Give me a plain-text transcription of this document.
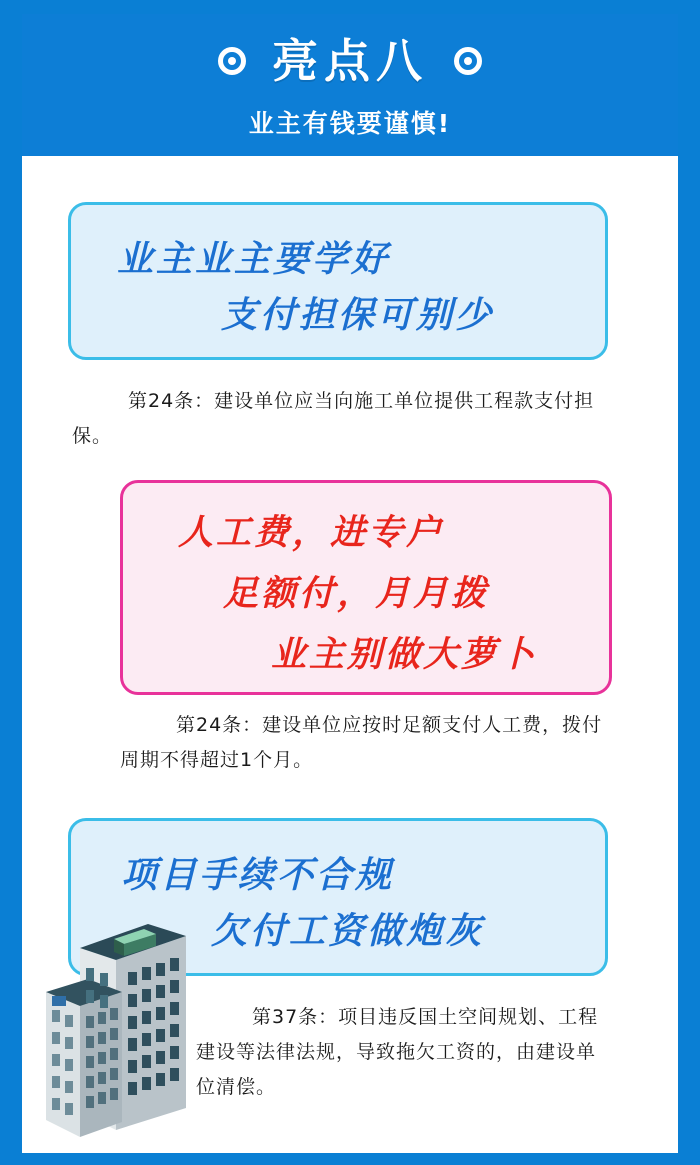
亮点八
业主有钱要谨慎!
业主业主要学好
支付担保可别少
第24条：建设单位应当向施工单位提供工程款支付担保。
人工费，进专户
足额付，月月拨
业主别做大萝卜
第24条：建设单位应按时足额支付人工费，拨付周期不得超过1个月。
项目手续不合规
欠付工资做炮灰
第37条：项目违反国土空间规划、工程建设等法律法规，导致拖欠工资的，由建设单位清偿。
